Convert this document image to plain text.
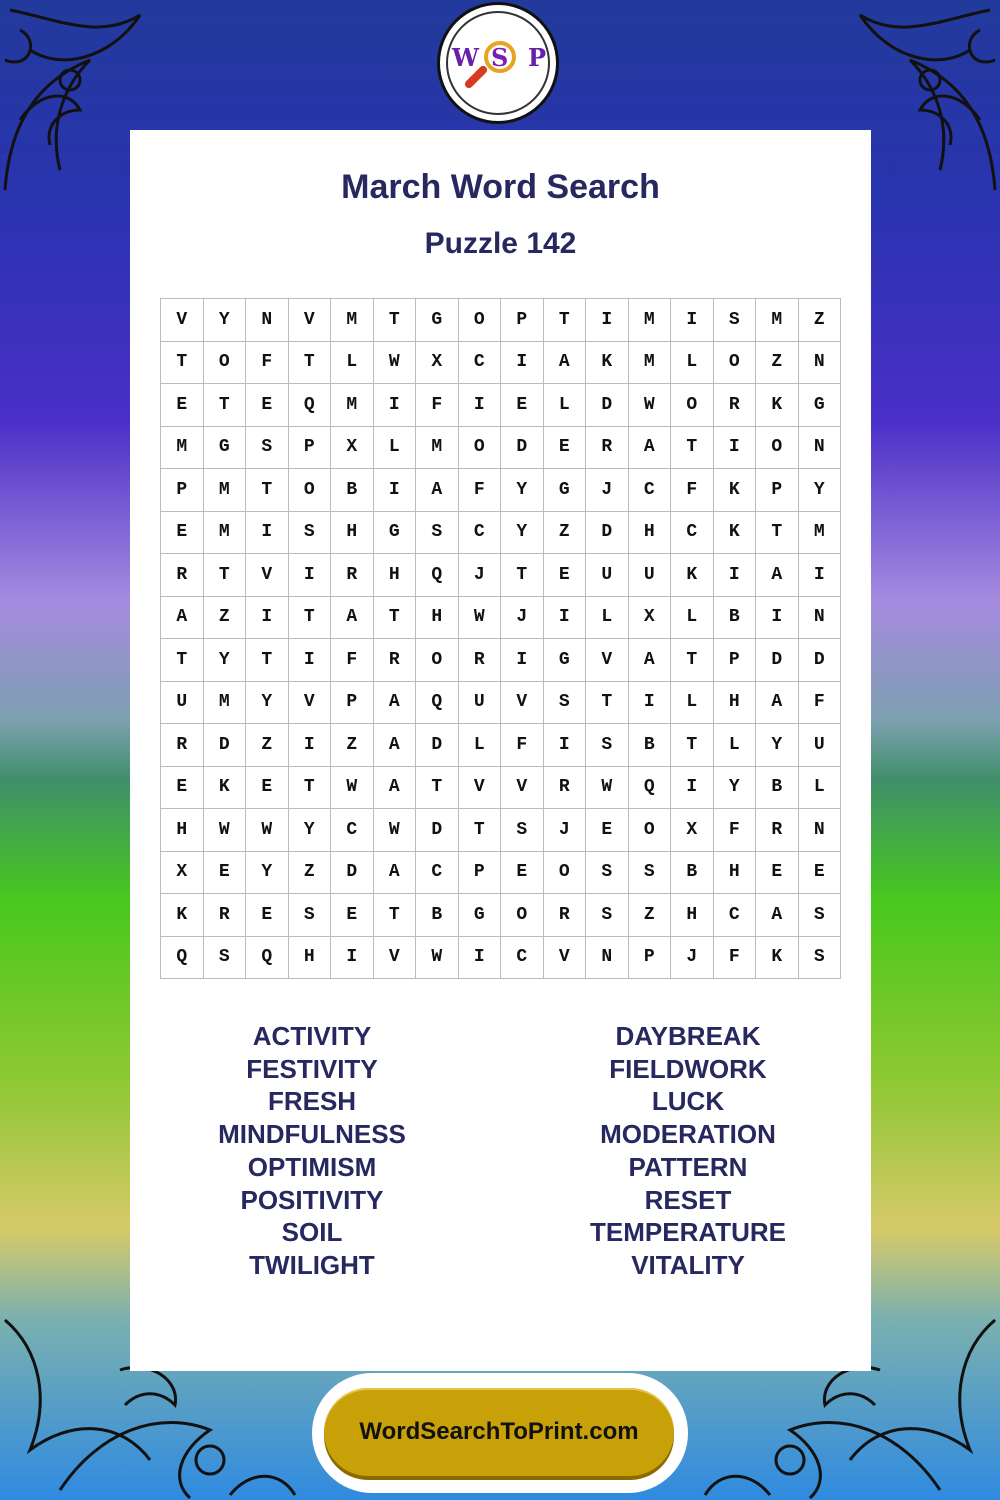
W S P
March Word Search
Puzzle 142
V	Y	N	V	M	T	G	O	P	T	I	M	I	S	M	Z
T	O	F	T	L	W	X	C	I	A	K	M	L	O	Z	N
E	T	E	Q	M	I	F	I	E	L	D	W	O	R	K	G
M	G	S	P	X	L	M	O	D	E	R	A	T	I	O	N
P	M	T	O	B	I	A	F	Y	G	J	C	F	K	P	Y
E	M	I	S	H	G	S	C	Y	Z	D	H	C	K	T	M
R	T	V	I	R	H	Q	J	T	E	U	U	K	I	A	I
A	Z	I	T	A	T	H	W	J	I	L	X	L	B	I	N
T	Y	T	I	F	R	O	R	I	G	V	A	T	P	D	D
U	M	Y	V	P	A	Q	U	V	S	T	I	L	H	A	F
R	D	Z	I	Z	A	D	L	F	I	S	B	T	L	Y	U
E	K	E	T	W	A	T	V	V	R	W	Q	I	Y	B	L
H	W	W	Y	C	W	D	T	S	J	E	O	X	F	R	N
X	E	Y	Z	D	A	C	P	E	O	S	S	B	H	E	E
K	R	E	S	E	T	B	G	O	R	S	Z	H	C	A	S
Q	S	Q	H	I	V	W	I	C	V	N	P	J	F	K	S
ACTIVITY
FESTIVITY
FRESH
MINDFULNESS
OPTIMISM
POSITIVITY
SOIL
TWILIGHT
DAYBREAK
FIELDWORK
LUCK
MODERATION
PATTERN
RESET
TEMPERATURE
VITALITY
WordSearchToPrint.com
